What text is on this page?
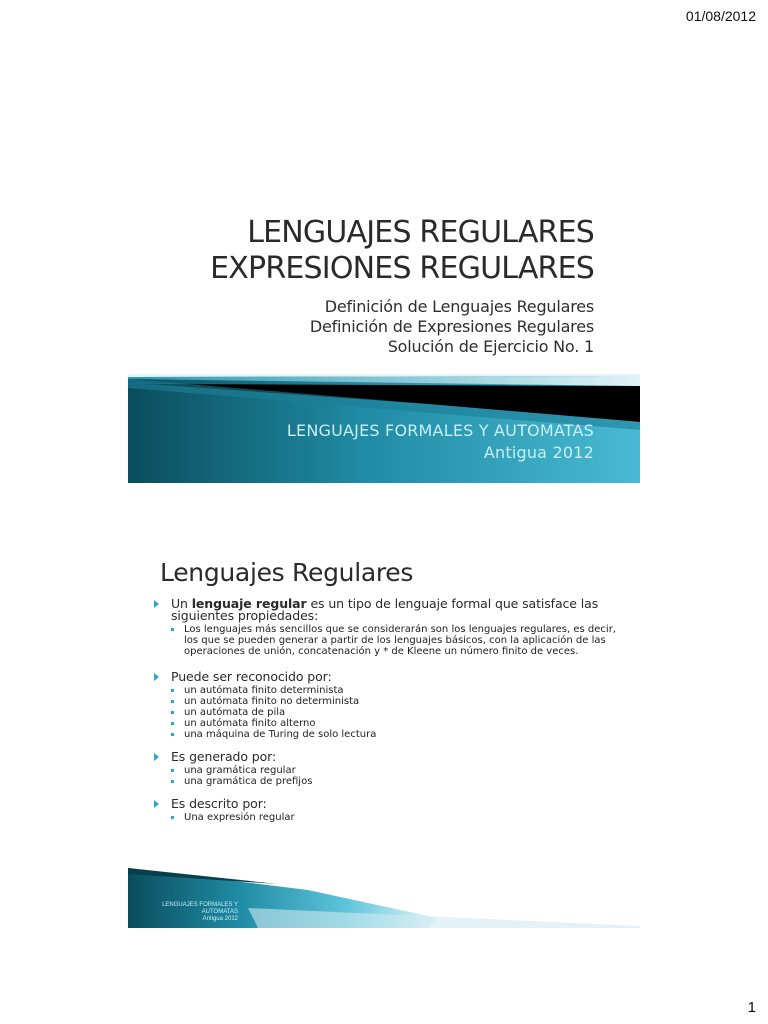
01/08/2012
LENGUAJES REGULARES
EXPRESIONES REGULARES
Definición de Lenguajes Regulares
Definición de Expresiones Regulares
Solución de Ejercicio No. 1
LENGUAJES FORMALES Y AUTOMATAS
Antigua 2012
Lenguajes Regulares
Un lenguaje regular es un tipo de lenguaje formal que satisface las siguientes propiedades:
Los lenguajes más sencillos que se considerarán son los lenguajes regulares, es decir, los que se pueden generar a partir de los lenguajes básicos, con la aplicación de las operaciones de unión, concatenación y * de Kleene un número finito de veces.
Puede ser reconocido por:
un autómata finito determinista
un autómata finito no determinista
un autómata de pila
un autómata finito alterno
una máquina de Turing de solo lectura
Es generado por:
una gramática regular
una gramática de prefijos
Es descrito por:
Una expresión regular
LENGUAJES FORMALES Y
AUTOMATAS
Antigua 2012
1
